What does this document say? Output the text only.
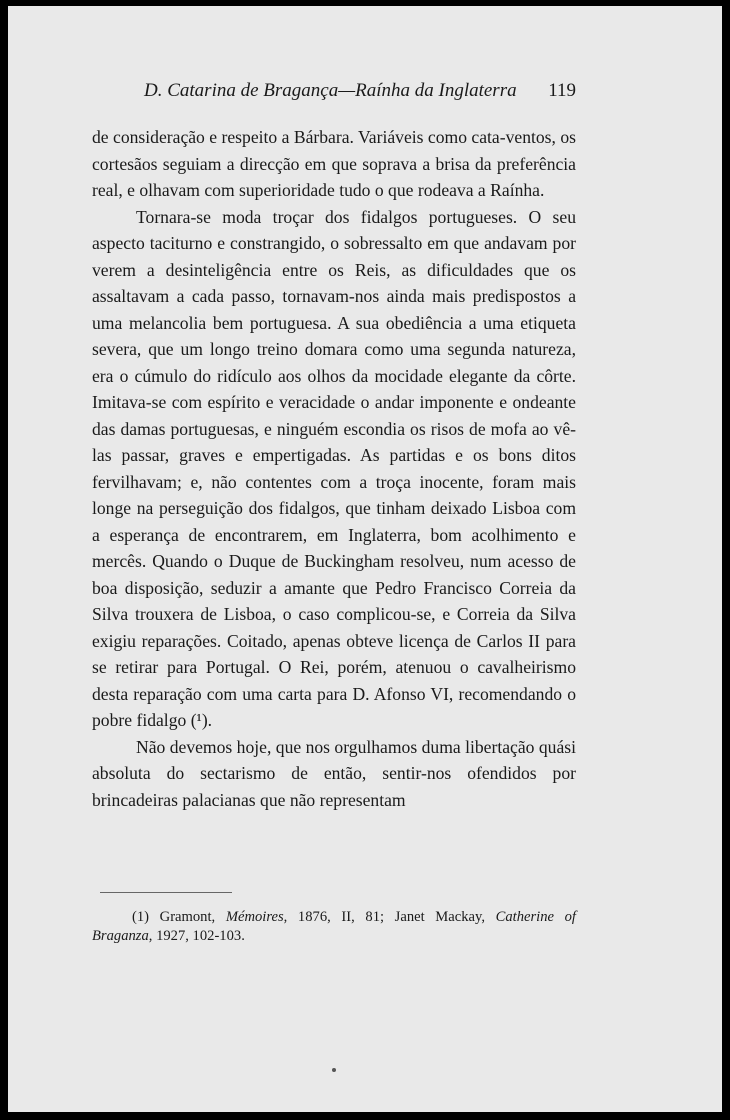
D. Catarina de Bragança—Raínha da Inglaterra 119

de consideração e respeito a Bárbara. Variáveis como cata-ventos, os cortesãos seguiam a direcção em que soprava a brisa da preferência real, e olhavam com superioridade tudo o que rodeava a Raínha.

Tornara-se moda troçar dos fidalgos portugueses. O seu aspecto taciturno e constrangido, o sobressalto em que andavam por verem a desinteligência entre os Reis, as dificuldades que os assaltavam a cada passo, tornavam-nos ainda mais predispostos a uma melancolia bem portuguesa. A sua obediência a uma etiqueta severa, que um longo treino domara como uma segunda natureza, era o cúmulo do ridículo aos olhos da mocidade elegante da côrte. Imitava-se com espírito e veracidade o andar imponente e ondeante das damas portuguesas, e ninguém escondia os risos de mofa ao vê-las passar, graves e empertigadas. As partidas e os bons ditos fervilhavam; e, não contentes com a troça inocente, foram mais longe na perseguição dos fidalgos, que tinham deixado Lisboa com a esperança de encontrarem, em Inglaterra, bom acolhimento e mercês. Quando o Duque de Buckingham resolveu, num acesso de boa disposição, seduzir a amante que Pedro Francisco Correia da Silva trouxera de Lisboa, o caso complicou-se, e Correia da Silva exigiu reparações. Coitado, apenas obteve licença de Carlos II para se retirar para Portugal. O Rei, porém, atenuou o cavalheirismo desta reparação com uma carta para D. Afonso VI, recomendando o pobre fidalgo (¹).

Não devemos hoje, que nos orgulhamos duma libertação quási absoluta do sectarismo de então, sentir-nos ofendidos por brincadeiras palacianas que não representam

(1) Gramont, Mémoires, 1876, II, 81; Janet Mackay, Catherine of Braganza, 1927, 102-103.
